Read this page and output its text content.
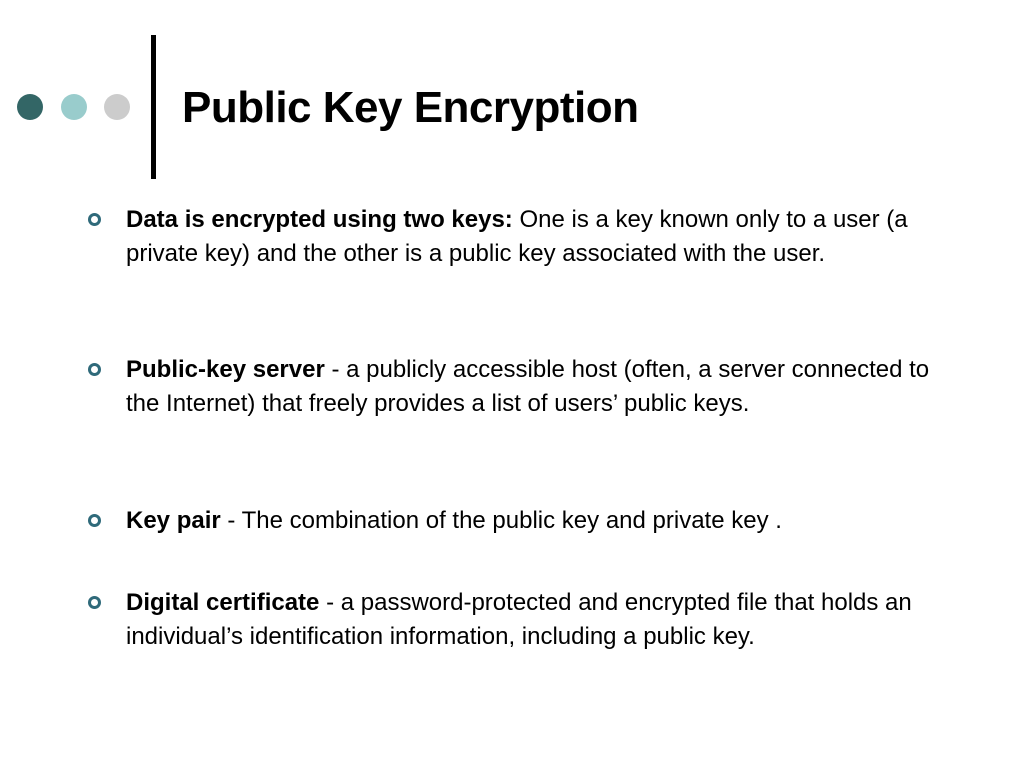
Public Key Encryption
Data is encrypted using two keys: One is a key known only to a user (a private key) and the other is a public key associated with the user.
Public-key server - a publicly accessible host (often, a server connected to the Internet) that freely provides a list of users’ public keys.
Key pair - The combination of the public key and private key .
Digital certificate - a password-protected and encrypted file that holds an individual’s identification information, including a public key.
